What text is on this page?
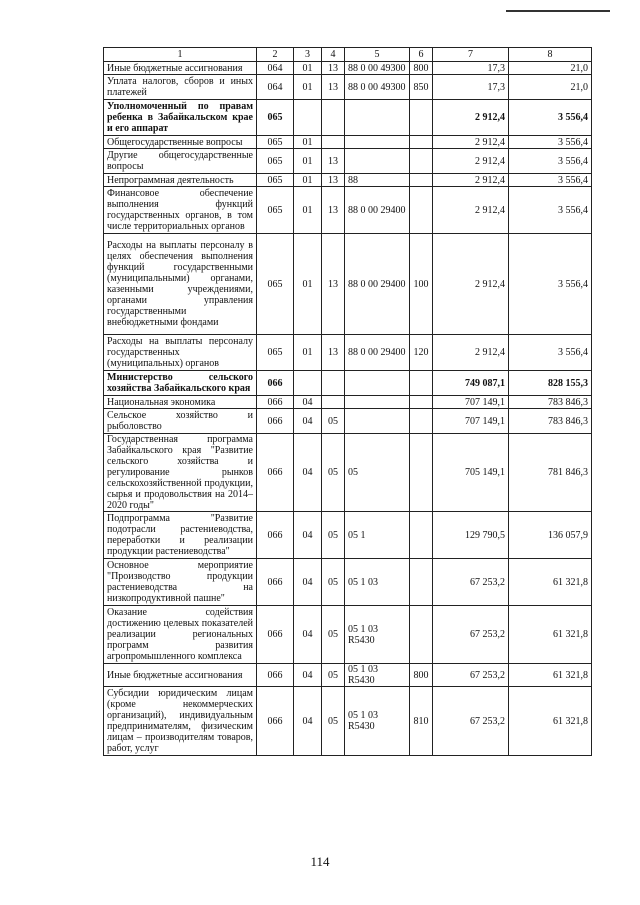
1	2	3	4	5	6	7	8
Иные бюджетные ассигнования	064	01	13	88 0 00 49300	800	17,3	21,0
Уплата налогов, сборов и иных платежей	064	01	13	88 0 00 49300	850	17,3	21,0
Уполномоченный по правам ребенка в Забайкальском крае и его аппарат	065					2 912,4	3 556,4
Общегосударственные вопросы	065	01				2 912,4	3 556,4
Другие общегосударственные вопросы	065	01	13			2 912,4	3 556,4
Непрограммная деятельность	065	01	13	88		2 912,4	3 556,4
Финансовое обеспечение выполнения функций государственных органов, в том числе территориальных органов	065	01	13	88 0 00 29400		2 912,4	3 556,4
Расходы на выплаты персоналу в целях обеспечения выполнения функций государственными (муниципальными) органами, казенными учреждениями, органами управления государственными внебюджетными фондами	065	01	13	88 0 00 29400	100	2 912,4	3 556,4
Расходы на выплаты персоналу государственных (муниципальных) органов	065	01	13	88 0 00 29400	120	2 912,4	3 556,4
Министерство сельского хозяйства Забайкальского края	066					749 087,1	828 155,3
Национальная экономика	066	04				707 149,1	783 846,3
Сельское хозяйство и рыболовство	066	04	05			707 149,1	783 846,3
Государственная программа Забайкальского края "Развитие сельского хозяйства и регулирование рынков сельскохозяйственной продукции, сырья и продовольствия на 2014–2020 годы"	066	04	05	05		705 149,1	781 846,3
Подпрограмма "Развитие подотрасли растениеводства, переработки и реализации продукции растениеводства"	066	04	05	05 1		129 790,5	136 057,9
Основное мероприятие "Производство продукции растениеводства на низкопродуктивной пашне"	066	04	05	05 1 03		67 253,2	61 321,8
Оказание содействия достижению целевых показателей реализации региональных программ развития агропромышленного комплекса	066	04	05	05 1 03 R5430		67 253,2	61 321,8
Иные бюджетные ассигнования	066	04	05	05 1 03 R5430	800	67 253,2	61 321,8
Субсидии юридическим лицам (кроме некоммерческих организаций), индивидуальным предпринимателям, физическим лицам – производителям товаров, работ, услуг	066	04	05	05 1 03 R5430	810	67 253,2	61 321,8
114
